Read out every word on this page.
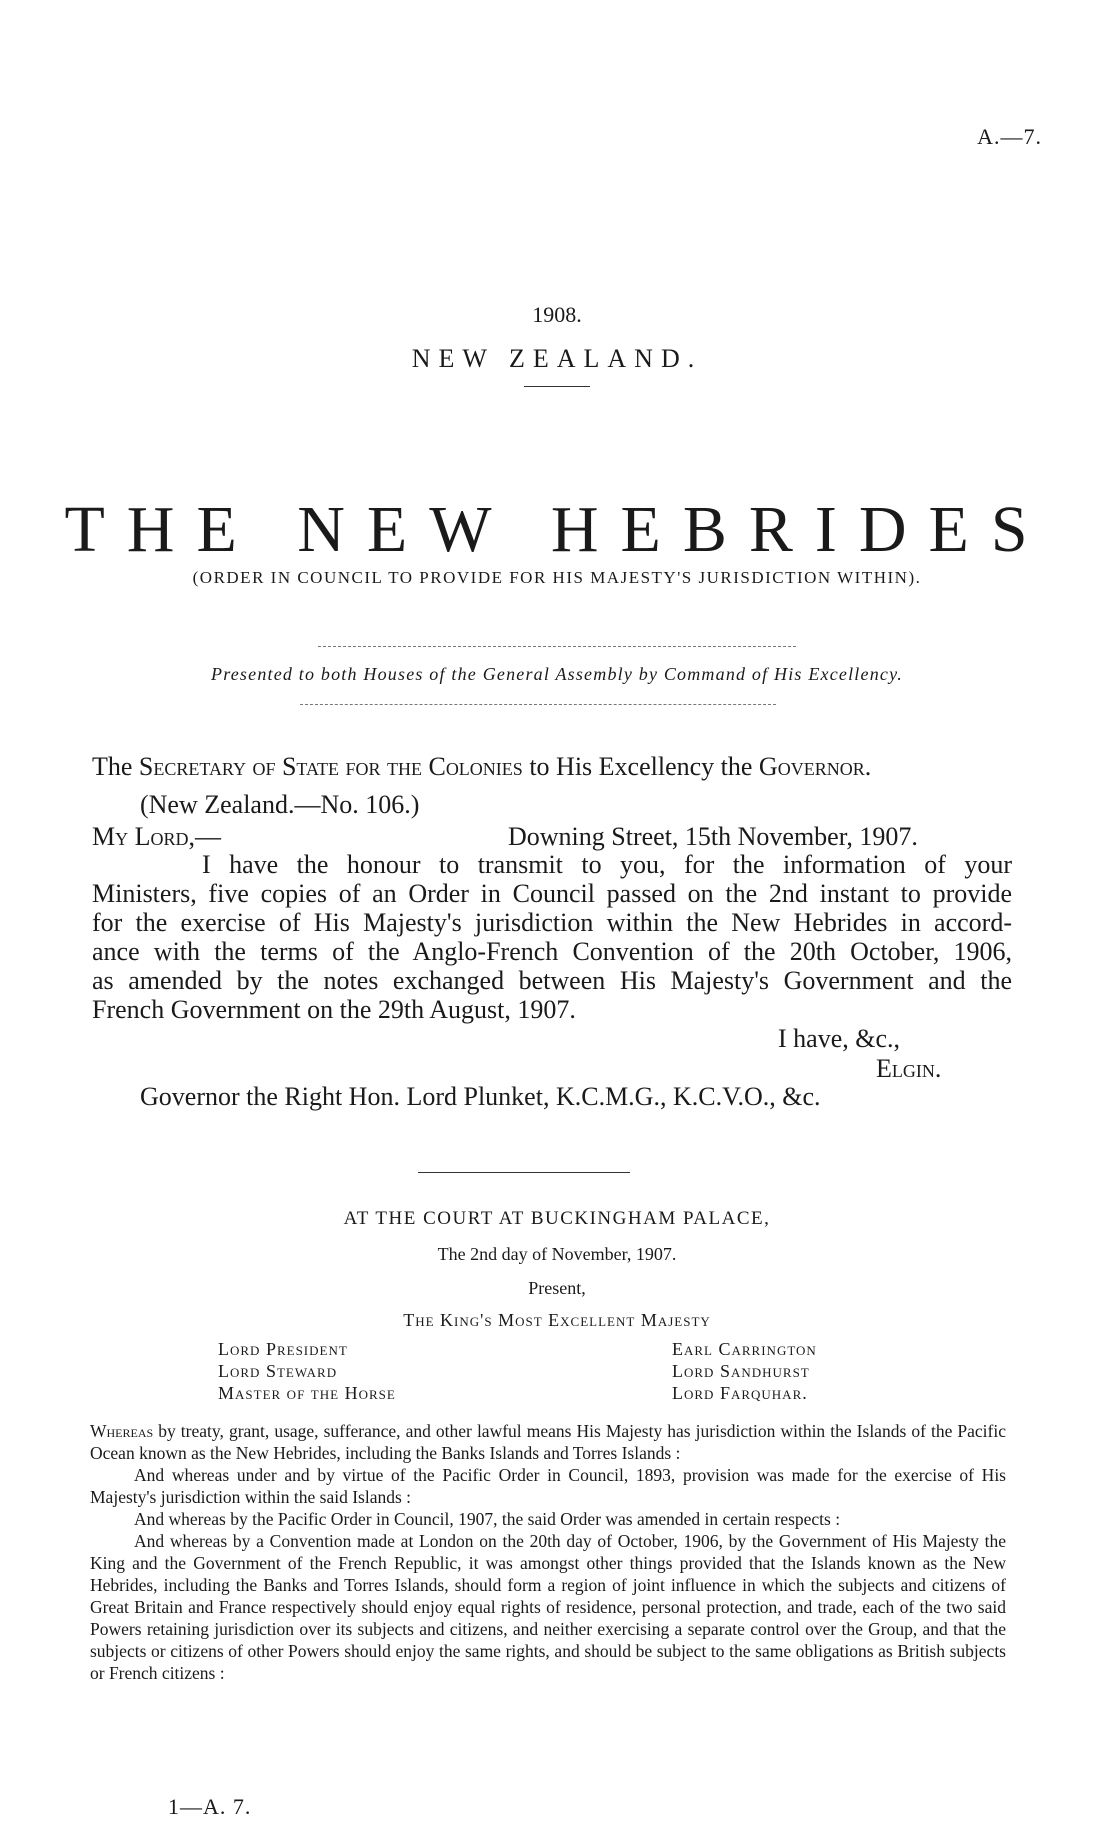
A.—7.
1908.
NEW ZEALAND.
THE NEW HEBRIDES
(ORDER IN COUNCIL TO PROVIDE FOR HIS MAJESTY'S JURISDICTION WITHIN).
Presented to both Houses of the General Assembly by Command of His Excellency.
The Secretary of State for the Colonies to His Excellency the Governor.
(New Zealand.—No. 106.)
My Lord,—	Downing Street, 15th November, 1907.
I have the honour to transmit to you, for the information of your
Ministers, five copies of an Order in Council passed on the 2nd instant to provide
for the exercise of His Majesty's jurisdiction within the New Hebrides in accord-
ance with the terms of the Anglo-French Convention of the 20th October, 1906,
as amended by the notes exchanged between His Majesty's Government and the
French Government on the 29th August, 1907.
I have, &c.,
Elgin.
Governor the Right Hon. Lord Plunket, K.C.M.G., K.C.V.O., &c.
AT THE COURT AT BUCKINGHAM PALACE,
The 2nd day of November, 1907.
Present,
The King's Most Excellent Majesty
Lord President
Lord Steward
Master of the Horse
Earl Carrington
Lord Sandhurst
Lord Farquhar.

Whereas by treaty, grant, usage, sufferance, and other lawful means His Majesty has jurisdiction within the Islands of the Pacific Ocean known as the New Hebrides, including the Banks Islands and Torres Islands :

And whereas under and by virtue of the Pacific Order in Council, 1893, provision was made for the exercise of His Majesty's jurisdiction within the said Islands :

And whereas by the Pacific Order in Council, 1907, the said Order was amended in certain respects :

And whereas by a Convention made at London on the 20th day of October, 1906, by the Government of His Majesty the King and the Government of the French Republic, it was amongst other things provided that the Islands known as the New Hebrides, including the Banks and Torres Islands, should form a region of joint influence in which the subjects and citizens of Great Britain and France respectively should enjoy equal rights of residence, personal protection, and trade, each of the two said Powers retaining jurisdiction over its subjects and citizens, and neither exercising a separate control over the Group, and that the subjects or citizens of other Powers should enjoy the same rights, and should be subject to the same obligations as British subjects or French citizens :

1—A. 7.
